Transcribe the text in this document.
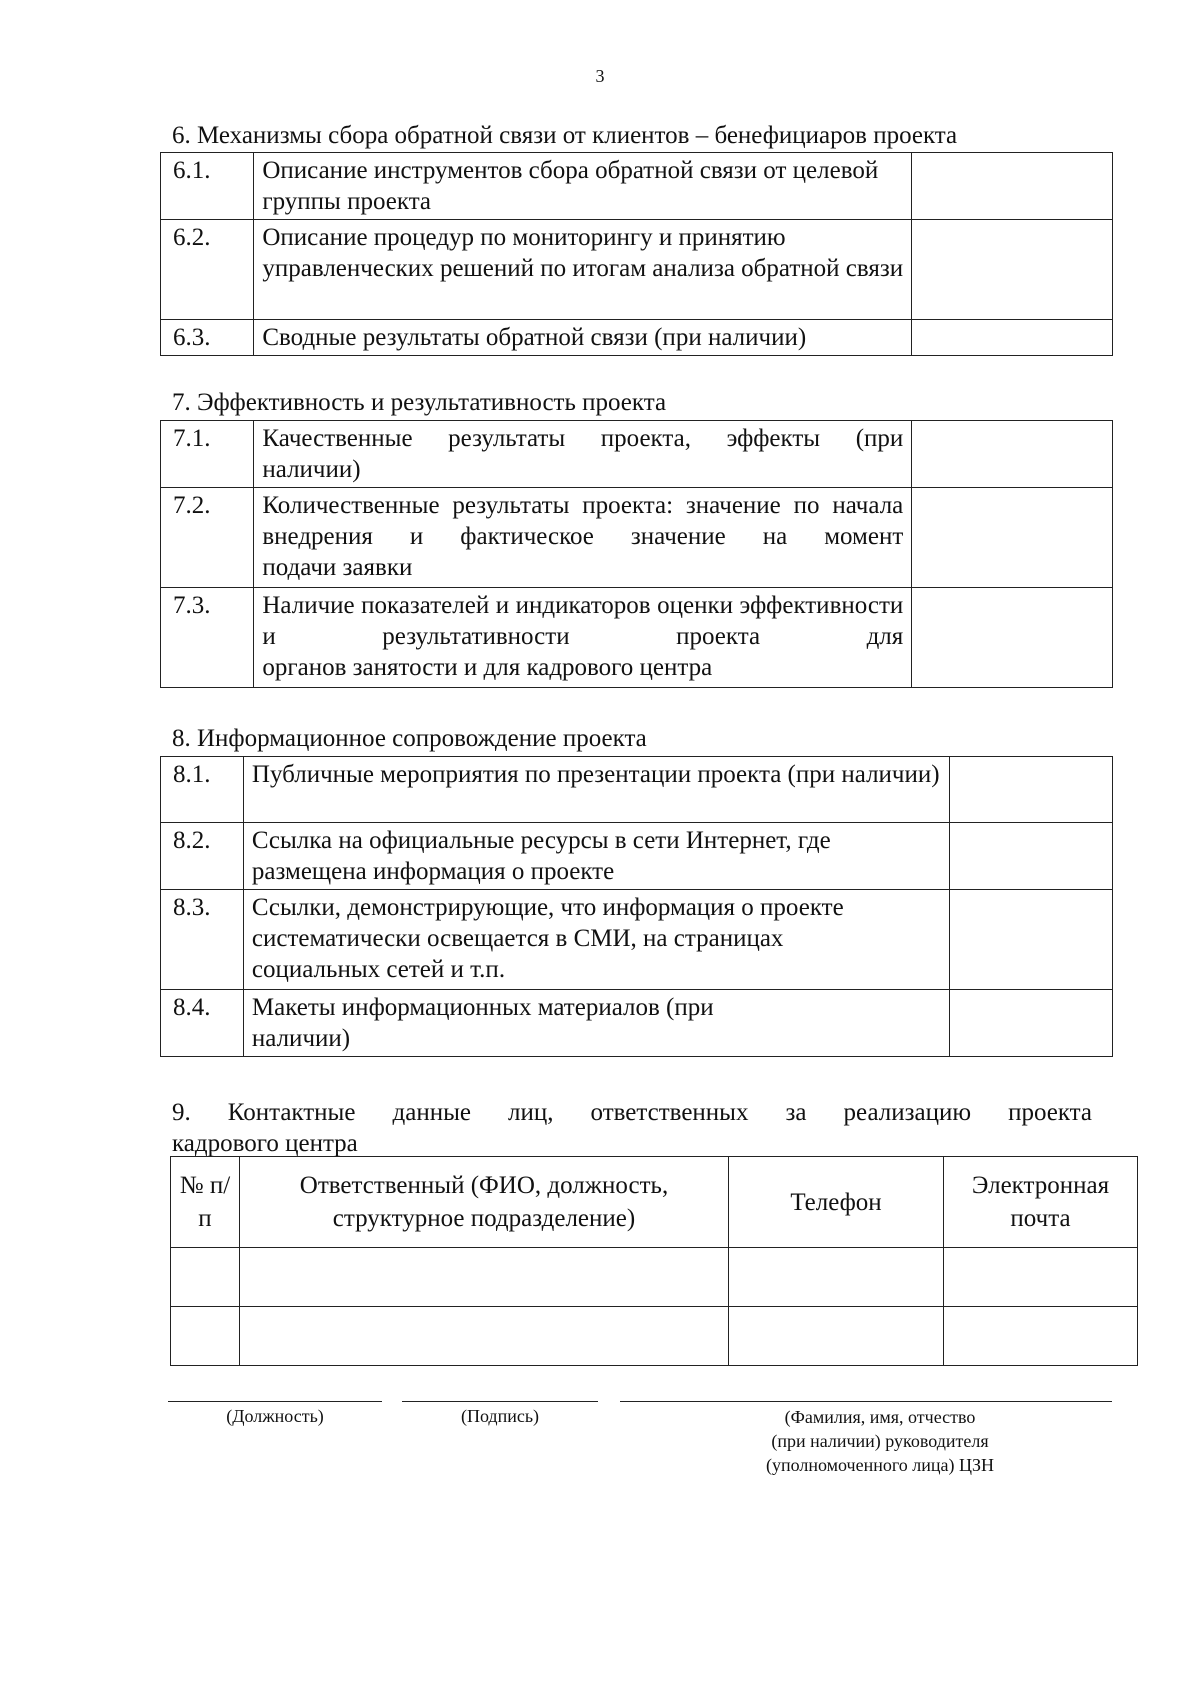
3
6. Механизмы сбора обратной связи от клиентов – бенефициаров проекта
6.1.	Описание инструментов сбора обратной связи от целевой группы проекта	
6.2.	Описание процедур по мониторингу и принятию управленческих решений по итогам анализа обратной связи	
6.3.	Сводные результаты обратной связи (при наличии)	
7. Эффективность и результативность проекта
7.1.	Качественные результаты проекта, эффекты (при
наличии)	

7.2.	Количественные результаты проекта: значение по начала внедрения и фактическое значение на момент
подачи заявки	

7.3.	Наличие показателей и индикаторов оценки эффективности и результативности проекта для
органов занятости и для кадрового центра	

8. Информационное сопровождение проекта
8.1.	Публичные мероприятия по презентации проекта (при наличии)	
8.2.	Ссылка на официальные ресурсы в сети Интернет, где размещена информация о проекте	
8.3.	Ссылки, демонстрирующие, что информация о проекте систематически освещается в СМИ, на страницах социальных сетей и т.п.	
8.4.	Макеты информационных материалов (при наличии)	
9. Контактные данные лиц, ответственных за реализацию проекта
кадрового центра
№ п/п	Ответственный (ФИО, должность, структурное подразделение)	Телефон	Электронная почта

(Должность)	(Подпись)	(Фамилия, имя, отчество
(при наличии) руководителя
(уполномоченного лица) ЦЗН
